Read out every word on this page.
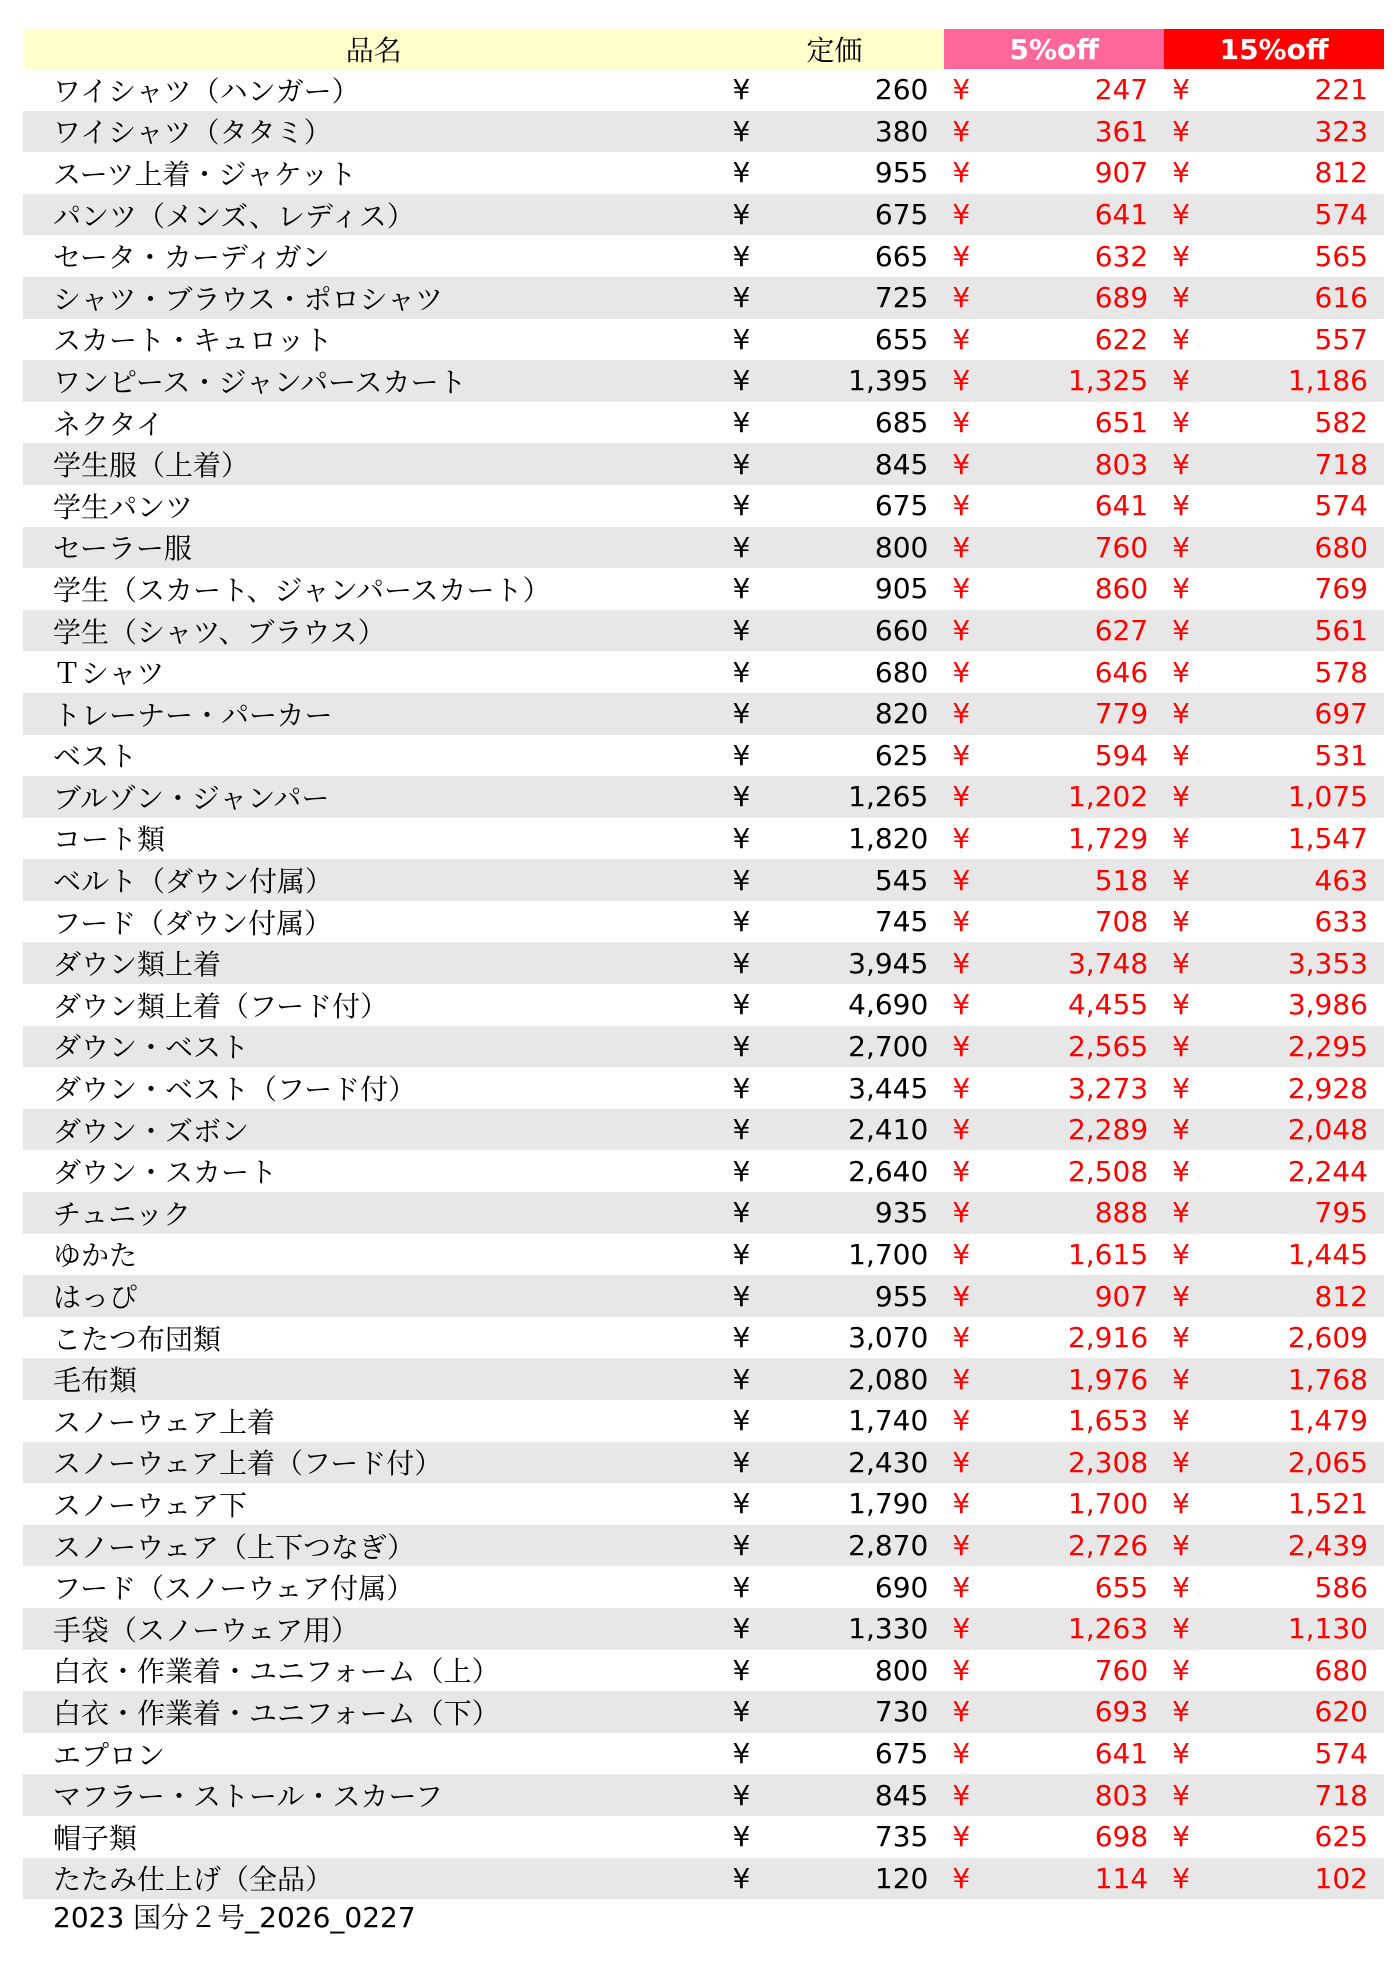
品名	定価		5%off		15%off	
ワイシャツ（ハンガー）	¥	260	¥	247	¥	221
ワイシャツ（タタミ）	¥	380	¥	361	¥	323
スーツ上着・ジャケット	¥	955	¥	907	¥	812
パンツ（メンズ、レディス）	¥	675	¥	641	¥	574
セータ・カーディガン	¥	665	¥	632	¥	565
シャツ・ブラウス・ポロシャツ	¥	725	¥	689	¥	616
スカート・キュロット	¥	655	¥	622	¥	557
ワンピース・ジャンパースカート	¥	1,395	¥	1,325	¥	1,186
ネクタイ	¥	685	¥	651	¥	582
学生服（上着）	¥	845	¥	803	¥	718
学生パンツ	¥	675	¥	641	¥	574
セーラー服	¥	800	¥	760	¥	680
学生（スカート、ジャンパースカート）	¥	905	¥	860	¥	769
学生（シャツ、ブラウス）	¥	660	¥	627	¥	561
Ｔシャツ	¥	680	¥	646	¥	578
トレーナー・パーカー	¥	820	¥	779	¥	697
ベスト	¥	625	¥	594	¥	531
ブルゾン・ジャンパー	¥	1,265	¥	1,202	¥	1,075
コート類	¥	1,820	¥	1,729	¥	1,547
ベルト（ダウン付属）	¥	545	¥	518	¥	463
フード（ダウン付属）	¥	745	¥	708	¥	633
ダウン類上着	¥	3,945	¥	3,748	¥	3,353
ダウン類上着（フード付）	¥	4,690	¥	4,455	¥	3,986
ダウン・ベスト	¥	2,700	¥	2,565	¥	2,295
ダウン・ベスト（フード付）	¥	3,445	¥	3,273	¥	2,928
ダウン・ズボン	¥	2,410	¥	2,289	¥	2,048
ダウン・スカート	¥	2,640	¥	2,508	¥	2,244
チュニック	¥	935	¥	888	¥	795
ゆかた	¥	1,700	¥	1,615	¥	1,445
はっぴ	¥	955	¥	907	¥	812
こたつ布団類	¥	3,070	¥	2,916	¥	2,609
毛布類	¥	2,080	¥	1,976	¥	1,768
スノーウェア上着	¥	1,740	¥	1,653	¥	1,479
スノーウェア上着（フード付）	¥	2,430	¥	2,308	¥	2,065
スノーウェア下	¥	1,790	¥	1,700	¥	1,521
スノーウェア（上下つなぎ）	¥	2,870	¥	2,726	¥	2,439
フード（スノーウェア付属）	¥	690	¥	655	¥	586
手袋（スノーウェア用）	¥	1,330	¥	1,263	¥	1,130
白衣・作業着・ユニフォーム（上）	¥	800	¥	760	¥	680
白衣・作業着・ユニフォーム（下）	¥	730	¥	693	¥	620
エプロン	¥	675	¥	641	¥	574
マフラー・ストール・スカーフ	¥	845	¥	803	¥	718
帽子類	¥	735	¥	698	¥	625
たたみ仕上げ（全品）	¥	120	¥	114	¥	102
2023 国分２号_2026_0227
